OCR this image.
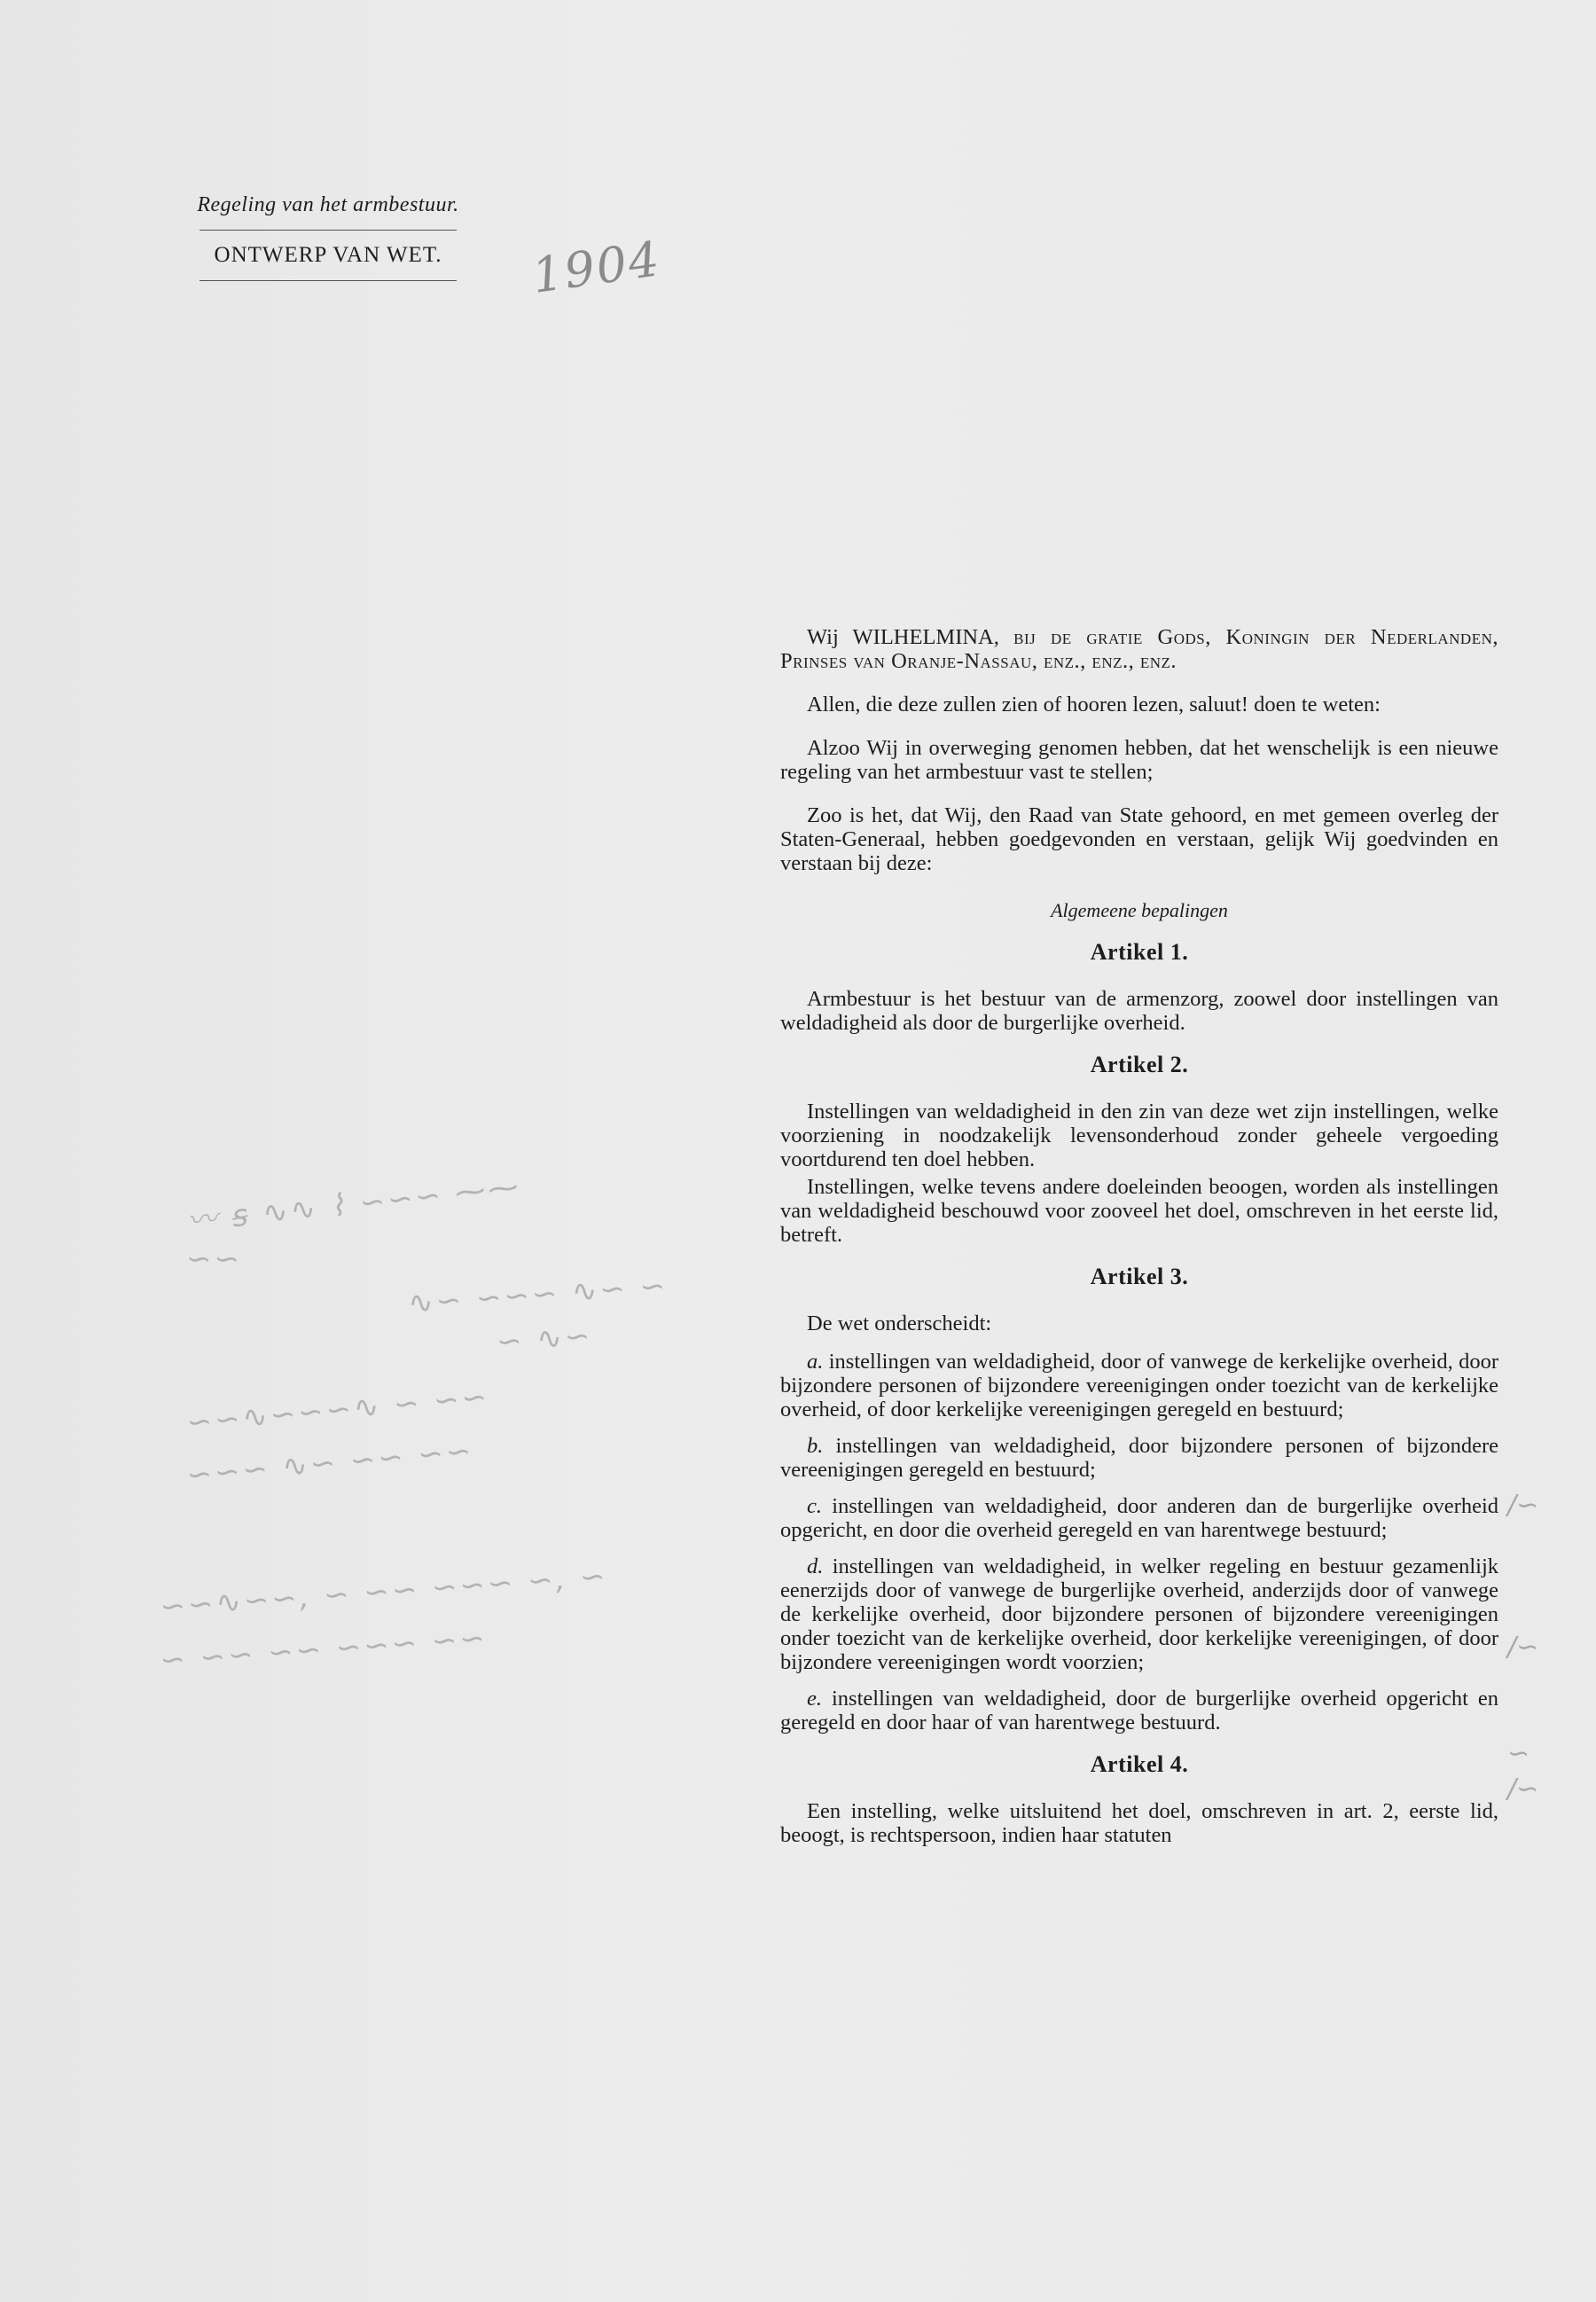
Regeling van het armbestuur.
ONTWERP VAN WET.	1904
〰︎ ꞩ ∿∿ ⌇ ∽∽∽ ⁓⁓
∽∽
∿∽ ∽∽∽ ∿∽ ∽
∽ ∿∽
∽∽∿∽∽∽∿ ∽ ∽∽
∽∽∽ ∿∽ ∽∽ ∽∽
∽∽∿∽∽, ∽ ∽∽ ∽∽∽ ∽, ∽
∽ ∽∽ ∽∽ ∽∽∽ ∽∽
/∽
/∽
∽
/∽

Wij WILHELMINA, bij de gratie Gods, Koningin der Nederlanden, Prinses van Oranje-Nassau, enz., enz., enz.

Allen, die deze zullen zien of hooren lezen, saluut! doen te weten:

Alzoo Wij in overweging genomen hebben, dat het wenschelijk is een nieuwe regeling van het armbestuur vast te stellen;

Zoo is het, dat Wij, den Raad van State gehoord, en met gemeen overleg der Staten-Generaal, hebben goedgevonden en verstaan, gelijk Wij goedvinden en verstaan bij deze:

Algemeene bepalingen
Artikel 1.

Armbestuur is het bestuur van de armenzorg, zoowel door instellingen van weldadigheid als door de burgerlijke overheid.

Artikel 2.

Instellingen van weldadigheid in den zin van deze wet zijn instellingen, welke voorziening in noodzakelijk levensonderhoud zonder geheele vergoeding voortdurend ten doel hebben.

Instellingen, welke tevens andere doeleinden beoogen, worden als instellingen van weldadigheid beschouwd voor zooveel het doel, omschreven in het eerste lid, betreft.

Artikel 3.

De wet onderscheidt:

a. instellingen van weldadigheid, door of vanwege de kerkelijke overheid, door bijzondere personen of bijzondere vereenigingen onder toezicht van de kerkelijke overheid, of door kerkelijke vereenigingen geregeld en bestuurd;

b. instellingen van weldadigheid, door bijzondere personen of bijzondere vereenigingen geregeld en bestuurd;

c. instellingen van weldadigheid, door anderen dan de burgerlijke overheid opgericht, en door die overheid geregeld en van harentwege bestuurd;

d. instellingen van weldadigheid, in welker regeling en bestuur gezamenlijk eenerzijds door of vanwege de burgerlijke overheid, anderzijds door of vanwege de kerkelijke overheid, door bijzondere personen of bijzondere vereenigingen onder toezicht van de kerkelijke overheid, door kerkelijke vereenigingen, of door bijzondere vereenigingen wordt voorzien;

e. instellingen van weldadigheid, door de burgerlijke overheid opgericht en geregeld en door haar of van harentwege bestuurd.

Artikel 4.

Een instelling, welke uitsluitend het doel, omschreven in art. 2, eerste lid, beoogt, is rechtspersoon, indien haar statuten
